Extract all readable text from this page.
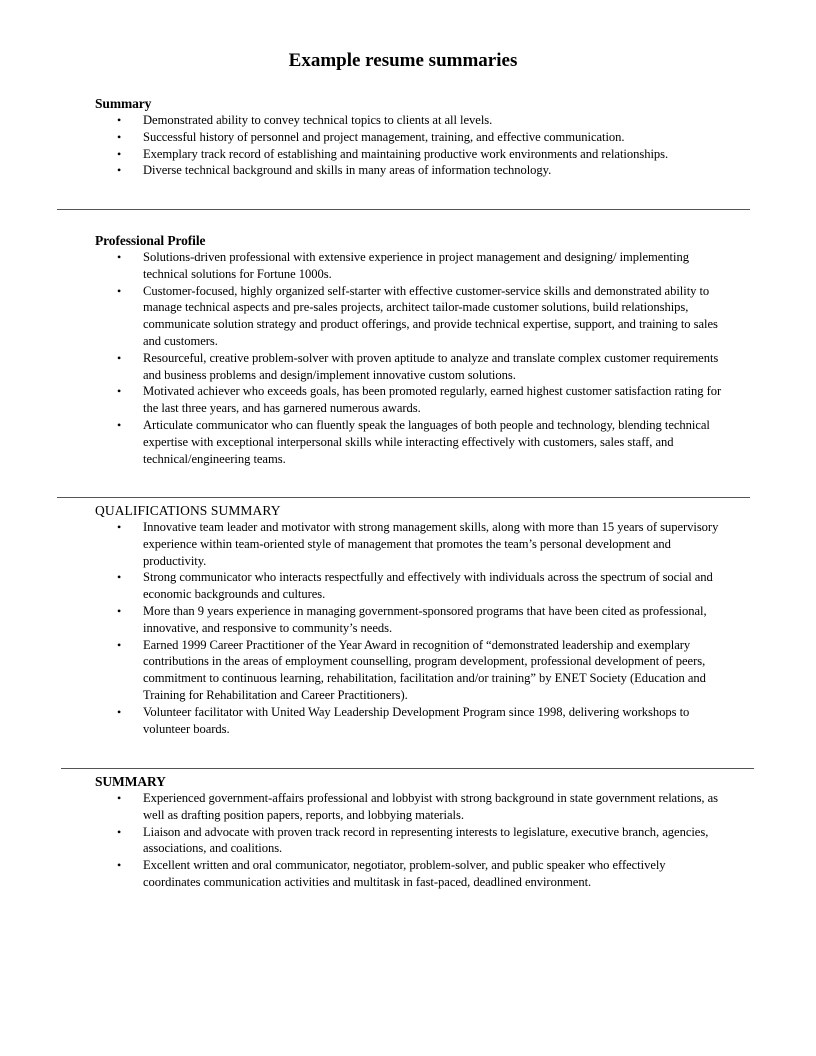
Example resume summaries
Summary
• Demonstrated ability to convey technical topics to clients at all levels.
• Successful history of personnel and project management, training, and effective communication.
• Exemplary track record of establishing and maintaining productive work environments and relationships.
• Diverse technical background and skills in many areas of information technology.
Professional Profile
• Solutions-driven professional with extensive experience in project management and designing/ implementing technical solutions for Fortune 1000s.
• Customer-focused, highly organized self-starter with effective customer-service skills and demonstrated ability to manage technical aspects and pre-sales projects, architect tailor-made customer solutions, build relationships, communicate solution strategy and product offerings, and provide technical expertise, support, and training to sales and customers.
• Resourceful, creative problem-solver with proven aptitude to analyze and translate complex customer requirements and business problems and design/implement innovative custom solutions.
• Motivated achiever who exceeds goals, has been promoted regularly, earned highest customer satisfaction rating for the last three years, and has garnered numerous awards.
• Articulate communicator who can fluently speak the languages of both people and technology, blending technical expertise with exceptional interpersonal skills while interacting effectively with customers, sales staff, and technical/engineering teams.
QUALIFICATIONS SUMMARY
• Innovative team leader and motivator with strong management skills, along with more than 15 years of supervisory experience within team-oriented style of management that promotes the team’s personal development and productivity.
• Strong communicator who interacts respectfully and effectively with individuals across the spectrum of social and economic backgrounds and cultures.
• More than 9 years experience in managing government-sponsored programs that have been cited as professional, innovative, and responsive to community’s needs.
• Earned 1999 Career Practitioner of the Year Award in recognition of “demonstrated leadership and exemplary contributions in the areas of employment counselling, program development, professional development of peers, commitment to continuous learning, rehabilitation, facilitation and/or training” by ENET Society (Education and Training for Rehabilitation and Career Practitioners).
• Volunteer facilitator with United Way Leadership Development Program since 1998, delivering workshops to volunteer boards.
SUMMARY
• Experienced government-affairs professional and lobbyist with strong background in state government relations, as well as drafting position papers, reports, and lobbying materials.
• Liaison and advocate with proven track record in representing interests to legislature, executive branch, agencies, associations, and coalitions.
• Excellent written and oral communicator, negotiator, problem-solver, and public speaker who effectively coordinates communication activities and multitask in fast-paced, deadlined environment.
